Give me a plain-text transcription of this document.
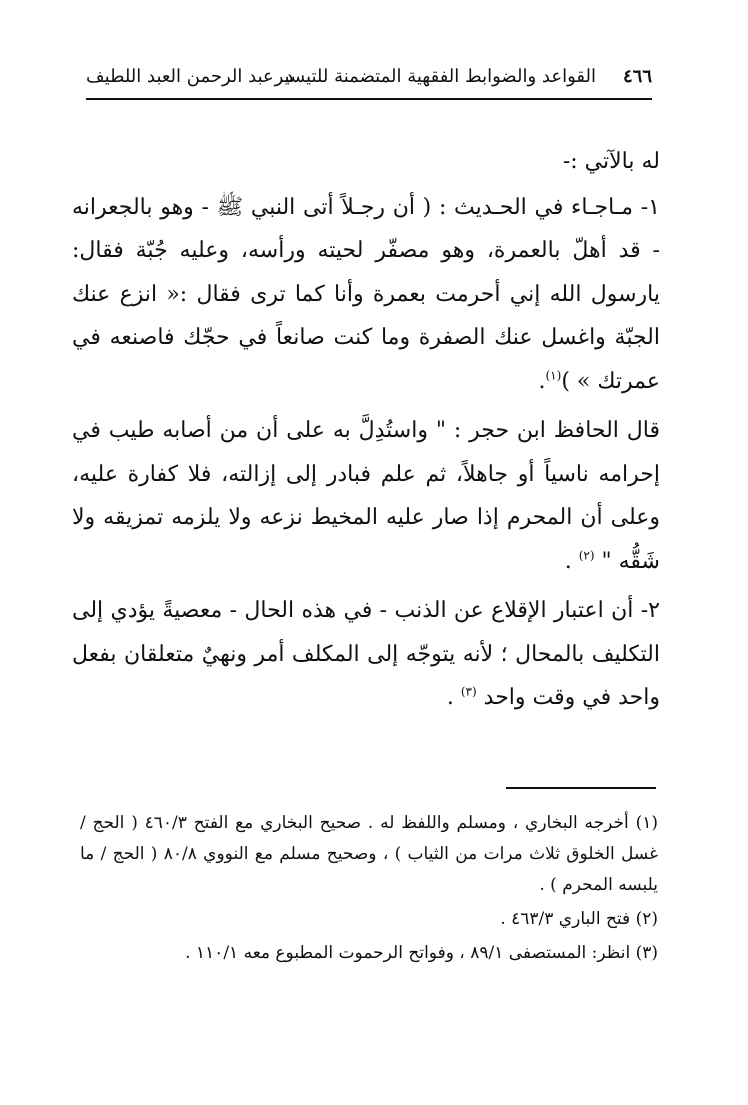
٤٦٦
القواعد والضوابط الفقهية المتضمنة للتيسير
د. عبد الرحمن العبد اللطيف

له بالآتي :-

١- مـاجـاء في الحـديث : ( أن رجـلاً أتى النبي ﷺ - وهو بالجعرانه - قد أهلّ بالعمرة، وهو مصفّر لحيته ورأسه، وعليه جُبّة فقال: يارسول الله إني أحرمت بعمرة وأنا كما ترى فقال :« انزع عنك الجبّة واغسل عنك الصفرة وما كنت صانعاً في حجّك فاصنعه في عمرتك » )$^{(١)}$.

قال الحافظ ابن حجر : " واستُدِلَّ به على أن من أصابه طيب في إحرامه ناسياً أو جاهلاً، ثم علم فبادر إلى إزالته، فلا كفارة عليه، وعلى أن المحرم إذا صار عليه المخيط نزعه ولا يلزمه تمزيقه ولا شَقُّه " $^{(٢)}$ .

٢- أن اعتبار الإقلاع عن الذنب - في هذه الحال - معصيةً يؤدي إلى التكليف بالمحال ؛ لأنه يتوجّه إلى المكلف أمر ونهيٌ متعلقان بفعل واحد في وقت واحد $^{(٣)}$ .

(١) أخرجه البخاري ، ومسلم واللفظ له . صحيح البخاري مع الفتح ٤٦٠/٣ ( الحج / غسل الخلوق ثلاث مرات من الثياب ) ، وصحيح مسلم مع النووي ٨٠/٨ ( الحج / ما يلبسه المحرم ) .

(٢) فتح الباري ٤٦٣/٣ .

(٣) انظر: المستصفى ٨٩/١ ، وفواتح الرحموت المطبوع معه ١١٠/١ .
